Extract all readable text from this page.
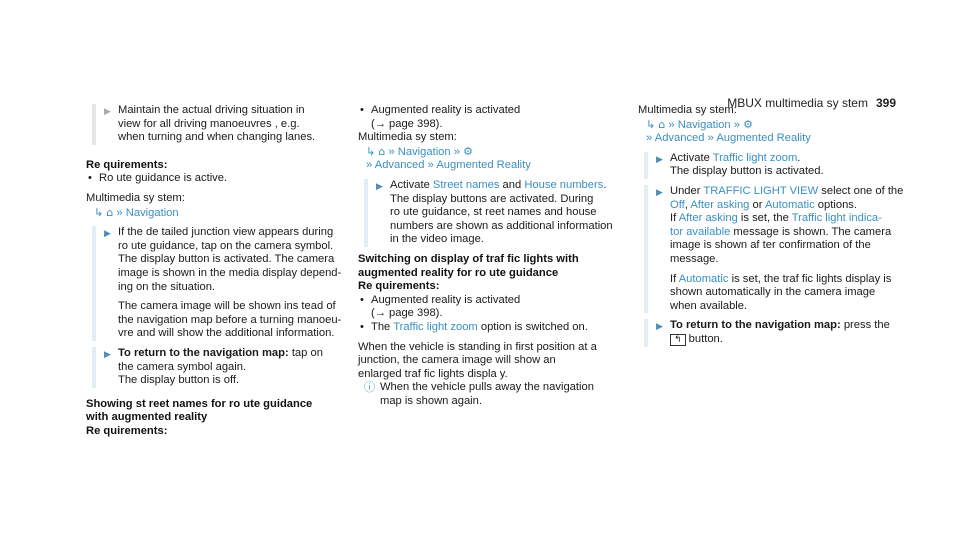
MBUX multimedia sy stem 399
▶ Maintain the actual driving situation in

view for all driving manoeuvres , e.g.

when turning and when changing lanes.

Re quirements:

• Ro ute guidance is active.

Multimedia sy stem:

↳ ⌂ » Navigation

▶ If the de tailed junction view appears during

ro ute guidance, tap on the camera symbol.

The display button is activated. The camera

image is shown in the media display depend-

ing on the situation.

The camera image will be shown ins tead of

the navigation map before a turning manoeu-

vre and will show the additional information.

▶ To return to the navigation map: tap on

the camera symbol again.

The display button is off.

Showing st reet names for ro ute guidance

with augmented reality

Re quirements:

• Augmented reality is activated

(→ page 398).

Multimedia sy stem:

↳ ⌂ » Navigation » ⚙

» Advanced » Augmented Reality

▶ Activate Street names and House numbers.

The display buttons are activated. During

ro ute guidance, st reet names and house

numbers are shown as additional information

in the video image.

Switching on display of traf fic lights with

augmented reality for ro ute guidance

Re quirements:

• Augmented reality is activated

(→ page 398).

• The Traffic light zoom option is switched on.

When the vehicle is standing in first position at a

junction, the camera image will show an

enlarged traf fic lights displa y.

ⓘ When the vehicle pulls away the navigation

map is shown again.

Multimedia sy stem:

↳ ⌂ » Navigation » ⚙

» Advanced » Augmented Reality

▶ Activate Traffic light zoom.

The display button is activated.

▶ Under TRAFFIC LIGHT VIEW select one of the

Off, After asking or Automatic options.

If After asking is set, the Traffic light indica-

tor available message is shown. The camera

image is shown af ter confirmation of the

message.

If Automatic is set, the traf fic lights display is

shown automatically in the camera image

when available.

▶ To return to the navigation map: press the

↰ button.
